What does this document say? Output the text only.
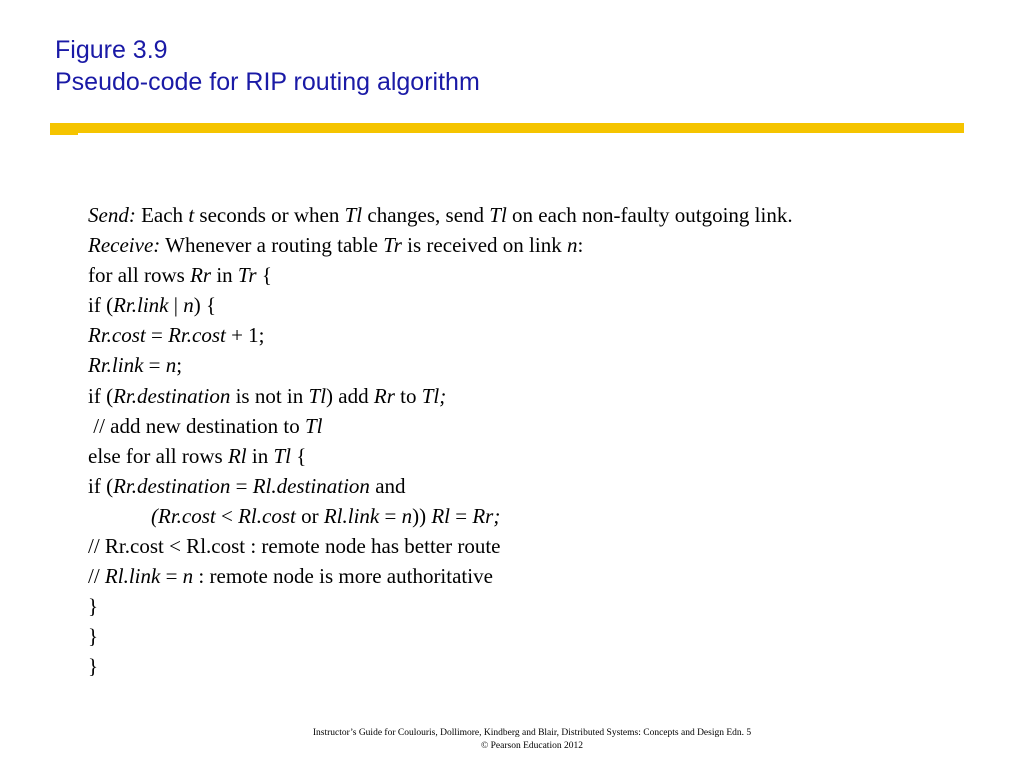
Figure 3.9
Pseudo-code for RIP routing algorithm
Send: Each t seconds or when Tl changes, send Tl on each non-faulty outgoing link.
Receive: Whenever a routing table Tr is received on link n:
for all rows Rr in Tr {
if (Rr.link | n) {
Rr.cost = Rr.cost + 1;
Rr.link = n;
if (Rr.destination is not in Tl) add Rr to Tl;
// add new destination to Tl
else for all rows Rl in Tl {
if (Rr.destination = Rl.destination and
(Rr.cost < Rl.cost or Rl.link = n)) Rl = Rr;
// Rr.cost < Rl.cost : remote node has better route
// Rl.link = n : remote node is more authoritative
}
}
}
Instructor’s Guide for Coulouris, Dollimore, Kindberg and Blair, Distributed Systems: Concepts and Design Edn. 5
© Pearson Education 2012
